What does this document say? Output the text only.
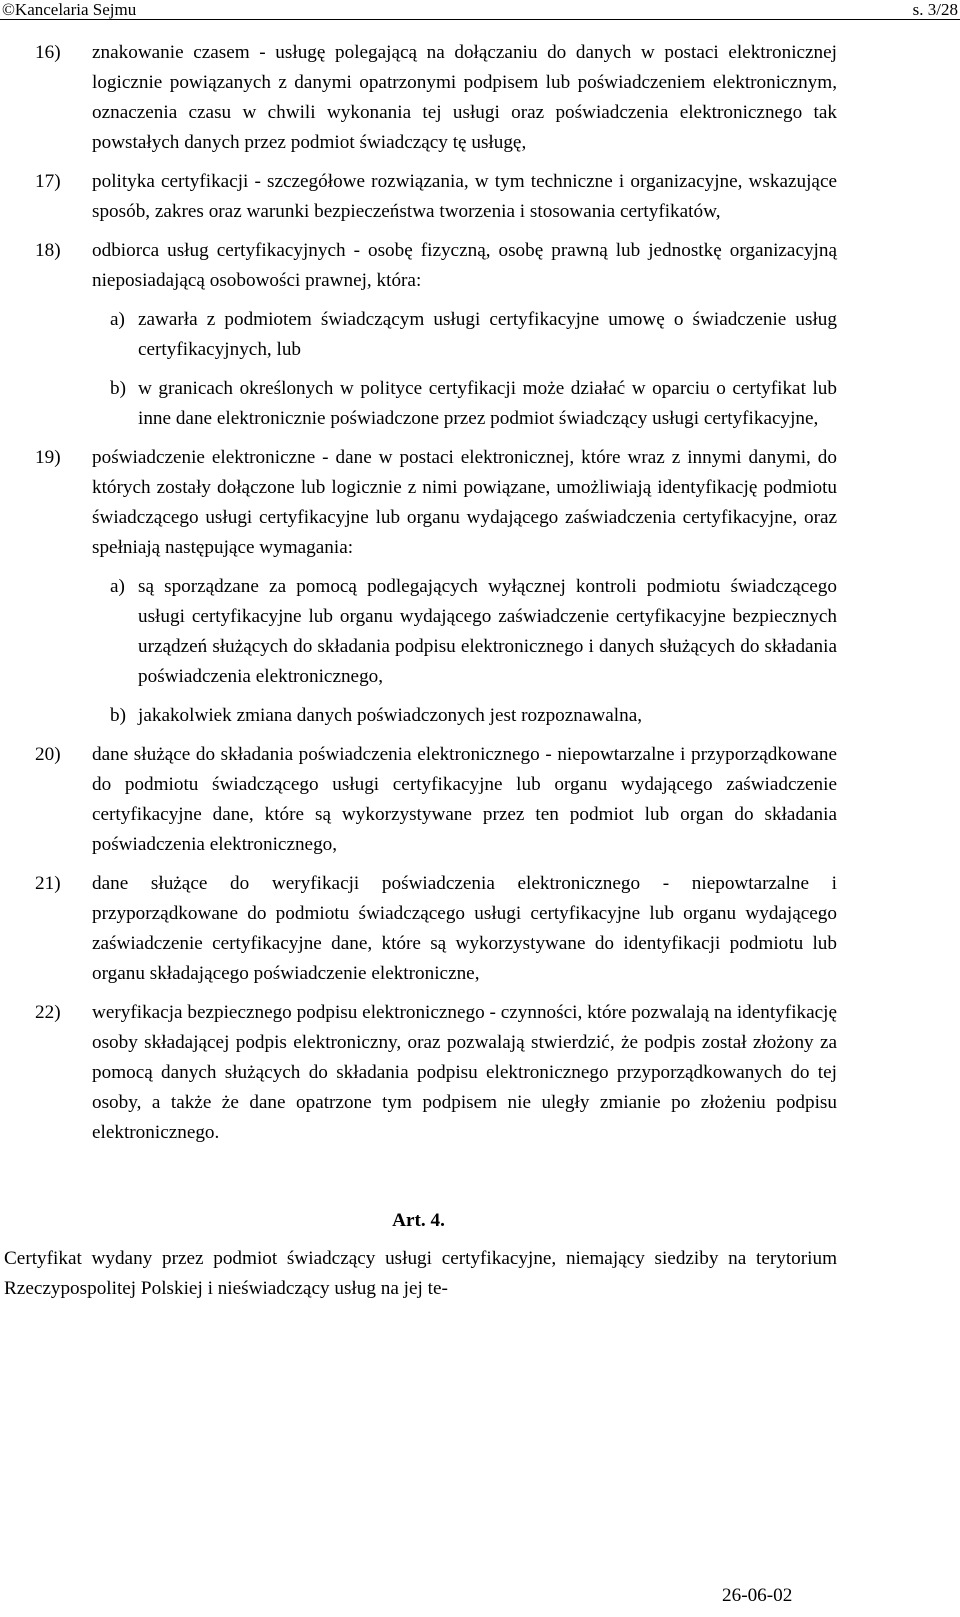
©Kancelaria Sejmu	s. 3/28
16) znakowanie czasem - usługę polegającą na dołączaniu do danych w postaci elektronicznej logicznie powiązanych z danymi opatrzonymi podpisem lub poświadczeniem elektronicznym, oznaczenia czasu w chwili wykonania tej usługi oraz poświadczenia elektronicznego tak powstałych danych przez podmiot świadczący tę usługę,
17) polityka certyfikacji - szczegółowe rozwiązania, w tym techniczne i organizacyjne, wskazujące sposób, zakres oraz warunki bezpieczeństwa tworzenia i stosowania certyfikatów,
18) odbiorca usług certyfikacyjnych - osobę fizyczną, osobę prawną lub jednostkę organizacyjną nieposiadającą osobowości prawnej, która:
a) zawarła z podmiotem świadczącym usługi certyfikacyjne umowę o świadczenie usług certyfikacyjnych, lub
b) w granicach określonych w polityce certyfikacji może działać w oparciu o certyfikat lub inne dane elektronicznie poświadczone przez podmiot świadczący usługi certyfikacyjne,
19) poświadczenie elektroniczne - dane w postaci elektronicznej, które wraz z innymi danymi, do których zostały dołączone lub logicznie z nimi powiązane, umożliwiają identyfikację podmiotu świadczącego usługi certyfikacyjne lub organu wydającego zaświadczenia certyfikacyjne, oraz spełniają następujące wymagania:
a) są sporządzane za pomocą podlegających wyłącznej kontroli podmiotu świadczącego usługi certyfikacyjne lub organu wydającego zaświadczenie certyfikacyjne bezpiecznych urządzeń służących do składania podpisu elektronicznego i danych służących do składania poświadczenia elektronicznego,
b) jakakolwiek zmiana danych poświadczonych jest rozpoznawalna,
20) dane służące do składania poświadczenia elektronicznego - niepowtarzalne i przyporządkowane do podmiotu świadczącego usługi certyfikacyjne lub organu wydającego zaświadczenie certyfikacyjne dane, które są wykorzystywane przez ten podmiot lub organ do składania poświadczenia elektronicznego,
21) dane służące do weryfikacji poświadczenia elektronicznego - niepowtarzalne i przyporządkowane do podmiotu świadczącego usługi certyfikacyjne lub organu wydającego zaświadczenie certyfikacyjne dane, które są wykorzystywane do identyfikacji podmiotu lub organu składającego poświadczenie elektroniczne,
22) weryfikacja bezpiecznego podpisu elektronicznego - czynności, które pozwalają na identyfikację osoby składającej podpis elektroniczny, oraz pozwalają stwierdzić, że podpis został złożony za pomocą danych służących do składania podpisu elektronicznego przyporządkowanych do tej osoby, a także że dane opatrzone tym podpisem nie uległy zmianie po złożeniu podpisu elektronicznego.
Art. 4.
Certyfikat wydany przez podmiot świadczący usługi certyfikacyjne, niemający siedziby na terytorium Rzeczypospolitej Polskiej i nieświadczący usług na jej te-
26-06-02
